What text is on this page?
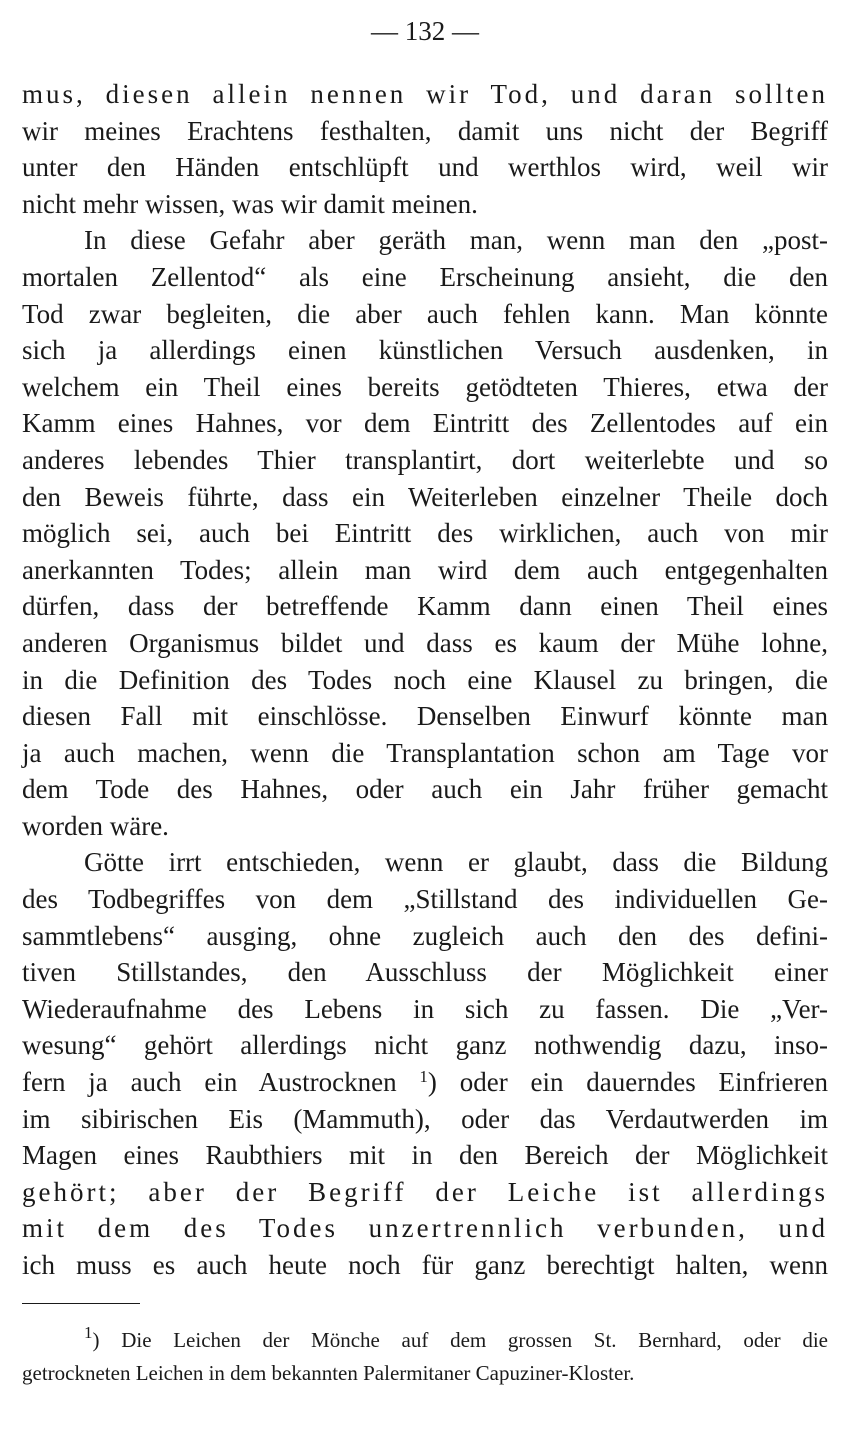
— 132 —
mus, diesen allein nennen wir Tod, und daran sollten
wir meines Erachtens festhalten, damit uns nicht der Begriff
unter den Händen entschlüpft und werthlos wird, weil wir
nicht mehr wissen, was wir damit meinen.
In diese Gefahr aber geräth man, wenn man den „post-
mortalen Zellentod“ als eine Erscheinung ansieht, die den
Tod zwar begleiten, die aber auch fehlen kann. Man könnte
sich ja allerdings einen künstlichen Versuch ausdenken, in
welchem ein Theil eines bereits getödteten Thieres, etwa der
Kamm eines Hahnes, vor dem Eintritt des Zellentodes auf ein
anderes lebendes Thier transplantirt, dort weiterlebte und so
den Beweis führte, dass ein Weiterleben einzelner Theile doch
möglich sei, auch bei Eintritt des wirklichen, auch von mir
anerkannten Todes; allein man wird dem auch entgegenhalten
dürfen, dass der betreffende Kamm dann einen Theil eines
anderen Organismus bildet und dass es kaum der Mühe lohne,
in die Definition des Todes noch eine Klausel zu bringen, die
diesen Fall mit einschlösse. Denselben Einwurf könnte man
ja auch machen, wenn die Transplantation schon am Tage vor
dem Tode des Hahnes, oder auch ein Jahr früher gemacht
worden wäre.
Götte irrt entschieden, wenn er glaubt, dass die Bildung
des Todbegriffes von dem „Stillstand des individuellen Ge-
sammtlebens“ ausging, ohne zugleich auch den des defini-
tiven Stillstandes, den Ausschluss der Möglichkeit einer
Wiederaufnahme des Lebens in sich zu fassen. Die „Ver-
wesung“ gehört allerdings nicht ganz nothwendig dazu, inso-
fern ja auch ein Austrocknen $^1$) oder ein dauerndes Einfrieren
im sibirischen Eis (Mammuth), oder das Verdautwerden im
Magen eines Raubthiers mit in den Bereich der Möglichkeit
gehört; aber der Begriff der Leiche ist allerdings
mit dem des Todes unzertrennlich verbunden, und
ich muss es auch heute noch für ganz berechtigt halten, wenn
$^1$) Die Leichen der Mönche auf dem grossen St. Bernhard, oder die
getrockneten Leichen in dem bekannten Palermitaner Capuziner-Kloster.
